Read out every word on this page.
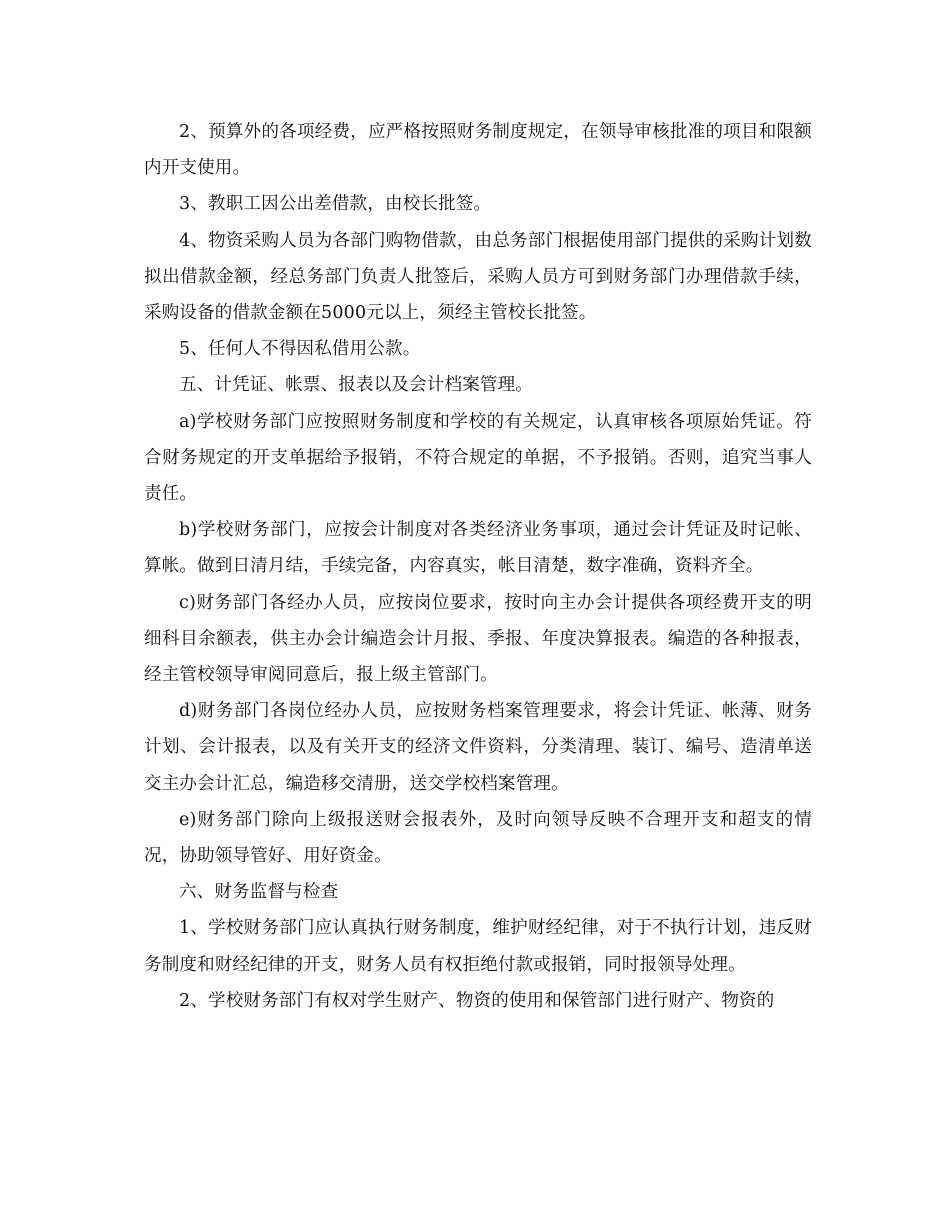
2、预算外的各项经费，应严格按照财务制度规定，在领导审核批准的项目和限额内开支使用。

3、教职工因公出差借款，由校长批签。

4、物资采购人员为各部门购物借款，由总务部门根据使用部门提供的采购计划数拟出借款金额，经总务部门负责人批签后，采购人员方可到财务部门办理借款手续，采购设备的借款金额在5000元以上，须经主管校长批签。

5、任何人不得因私借用公款。

五、计凭证、帐票、报表以及会计档案管理。

a)学校财务部门应按照财务制度和学校的有关规定，认真审核各项原始凭证。符合财务规定的开支单据给予报销，不符合规定的单据，不予报销。否则，追究当事人责任。

b)学校财务部门，应按会计制度对各类经济业务事项，通过会计凭证及时记帐、算帐。做到日清月结，手续完备，内容真实，帐目清楚，数字准确，资料齐全。

c)财务部门各经办人员，应按岗位要求，按时向主办会计提供各项经费开支的明细科目余额表，供主办会计编造会计月报、季报、年度决算报表。编造的各种报表，经主管校领导审阅同意后，报上级主管部门。

d)财务部门各岗位经办人员，应按财务档案管理要求，将会计凭证、帐薄、财务计划、会计报表，以及有关开支的经济文件资料，分类清理、装订、编号、造清单送交主办会计汇总，编造移交清册，送交学校档案管理。

e)财务部门除向上级报送财会报表外，及时向领导反映不合理开支和超支的情况，协助领导管好、用好资金。

六、财务监督与检查

1、学校财务部门应认真执行财务制度，维护财经纪律，对于不执行计划，违反财务制度和财经纪律的开支，财务人员有权拒绝付款或报销，同时报领导处理。

2、学校财务部门有权对学生财产、物资的使用和保管部门进行财产、物资的
